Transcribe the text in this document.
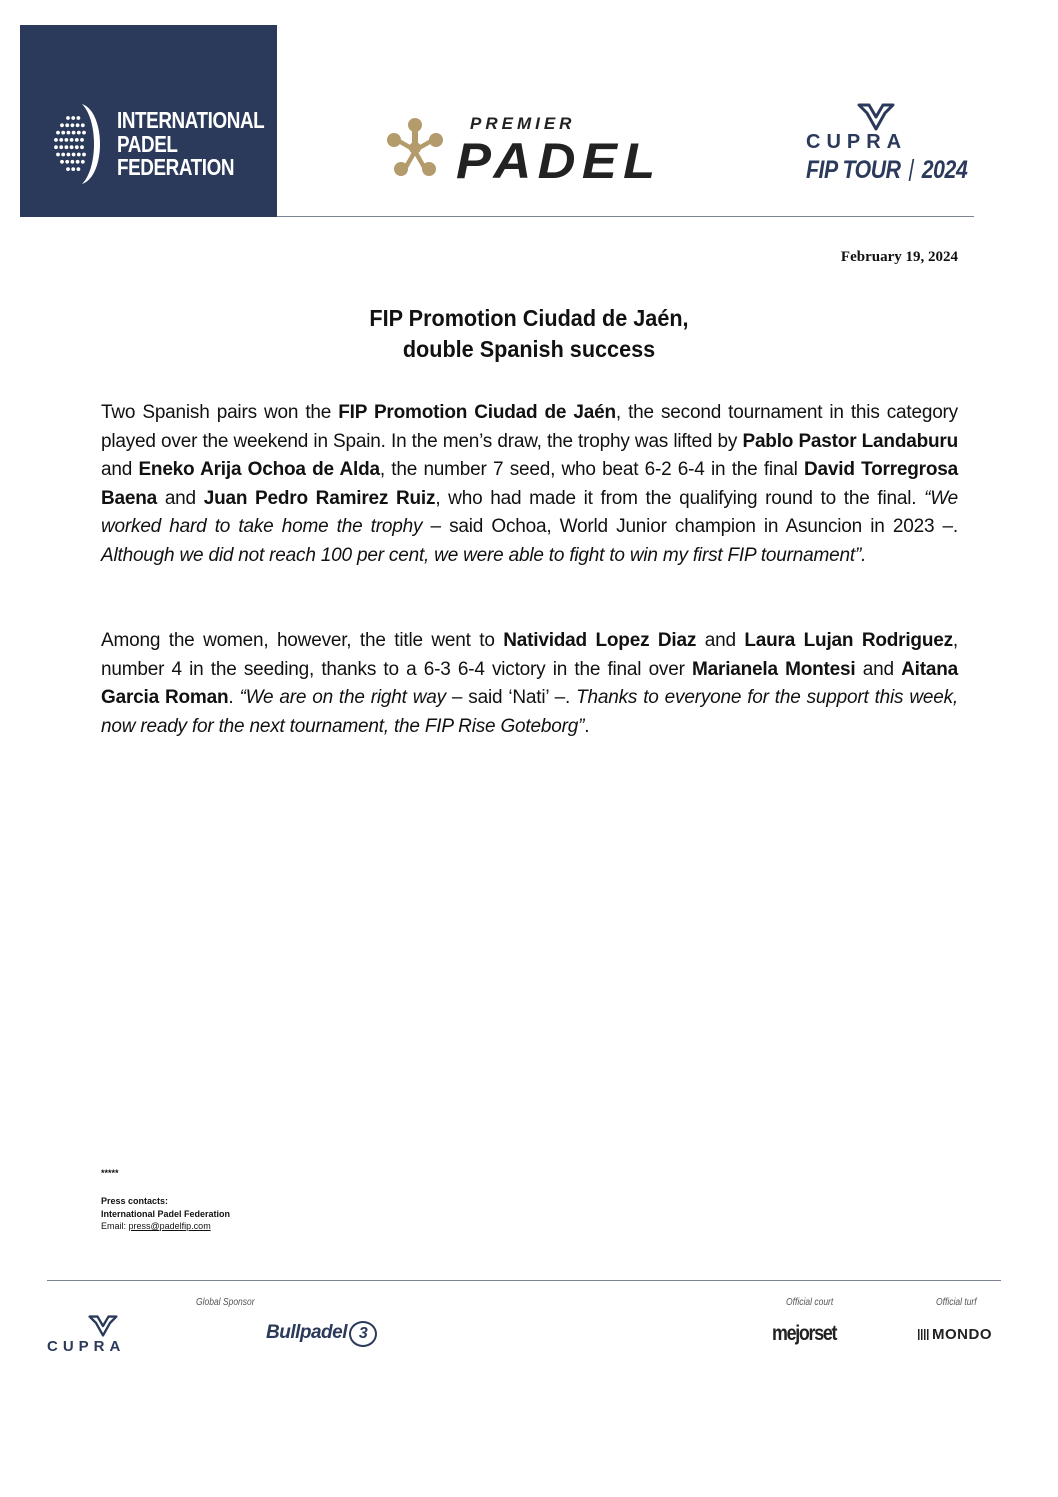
INTERNATIONAL
PADEL
FEDERATION
PREMIER
PADEL	CUPRA
FIP TOUR 2024
February 19, 2024
FIP Promotion Ciudad de Jaén,
double Spanish success
Two Spanish pairs won the FIP Promotion Ciudad de Jaén, the second tournament in this category played over the weekend in Spain. In the men’s draw, the trophy was lifted by Pablo Pastor Landaburu and Eneko Arija Ochoa de Alda, the number 7 seed, who beat 6-2 6-4 in the final David Torregrosa Baena and Juan Pedro Ramirez Ruiz, who had made it from the qualifying round to the final. “We worked hard to take home the trophy – said Ochoa, World Junior champion in Asuncion in 2023 –. Although we did not reach 100 per cent, we were able to fight to win my first FIP tournament”.
Among the women, however, the title went to Natividad Lopez Diaz and Laura Lujan Rodriguez, number 4 in the seeding, thanks to a 6-3 6-4 victory in the final over Marianela Montesi and Aitana Garcia Roman. “We are on the right way – said ‘Nati’ –. Thanks to everyone for the support this week, now ready for the next tournament, the FIP Rise Goteborg”.
*****
Press contacts:
International Padel Federation
Email: press@padelfip.com
Global Sponsor	Official court	Official turf
CUPRA
Bullpadel 3	mejorset	MONDO
